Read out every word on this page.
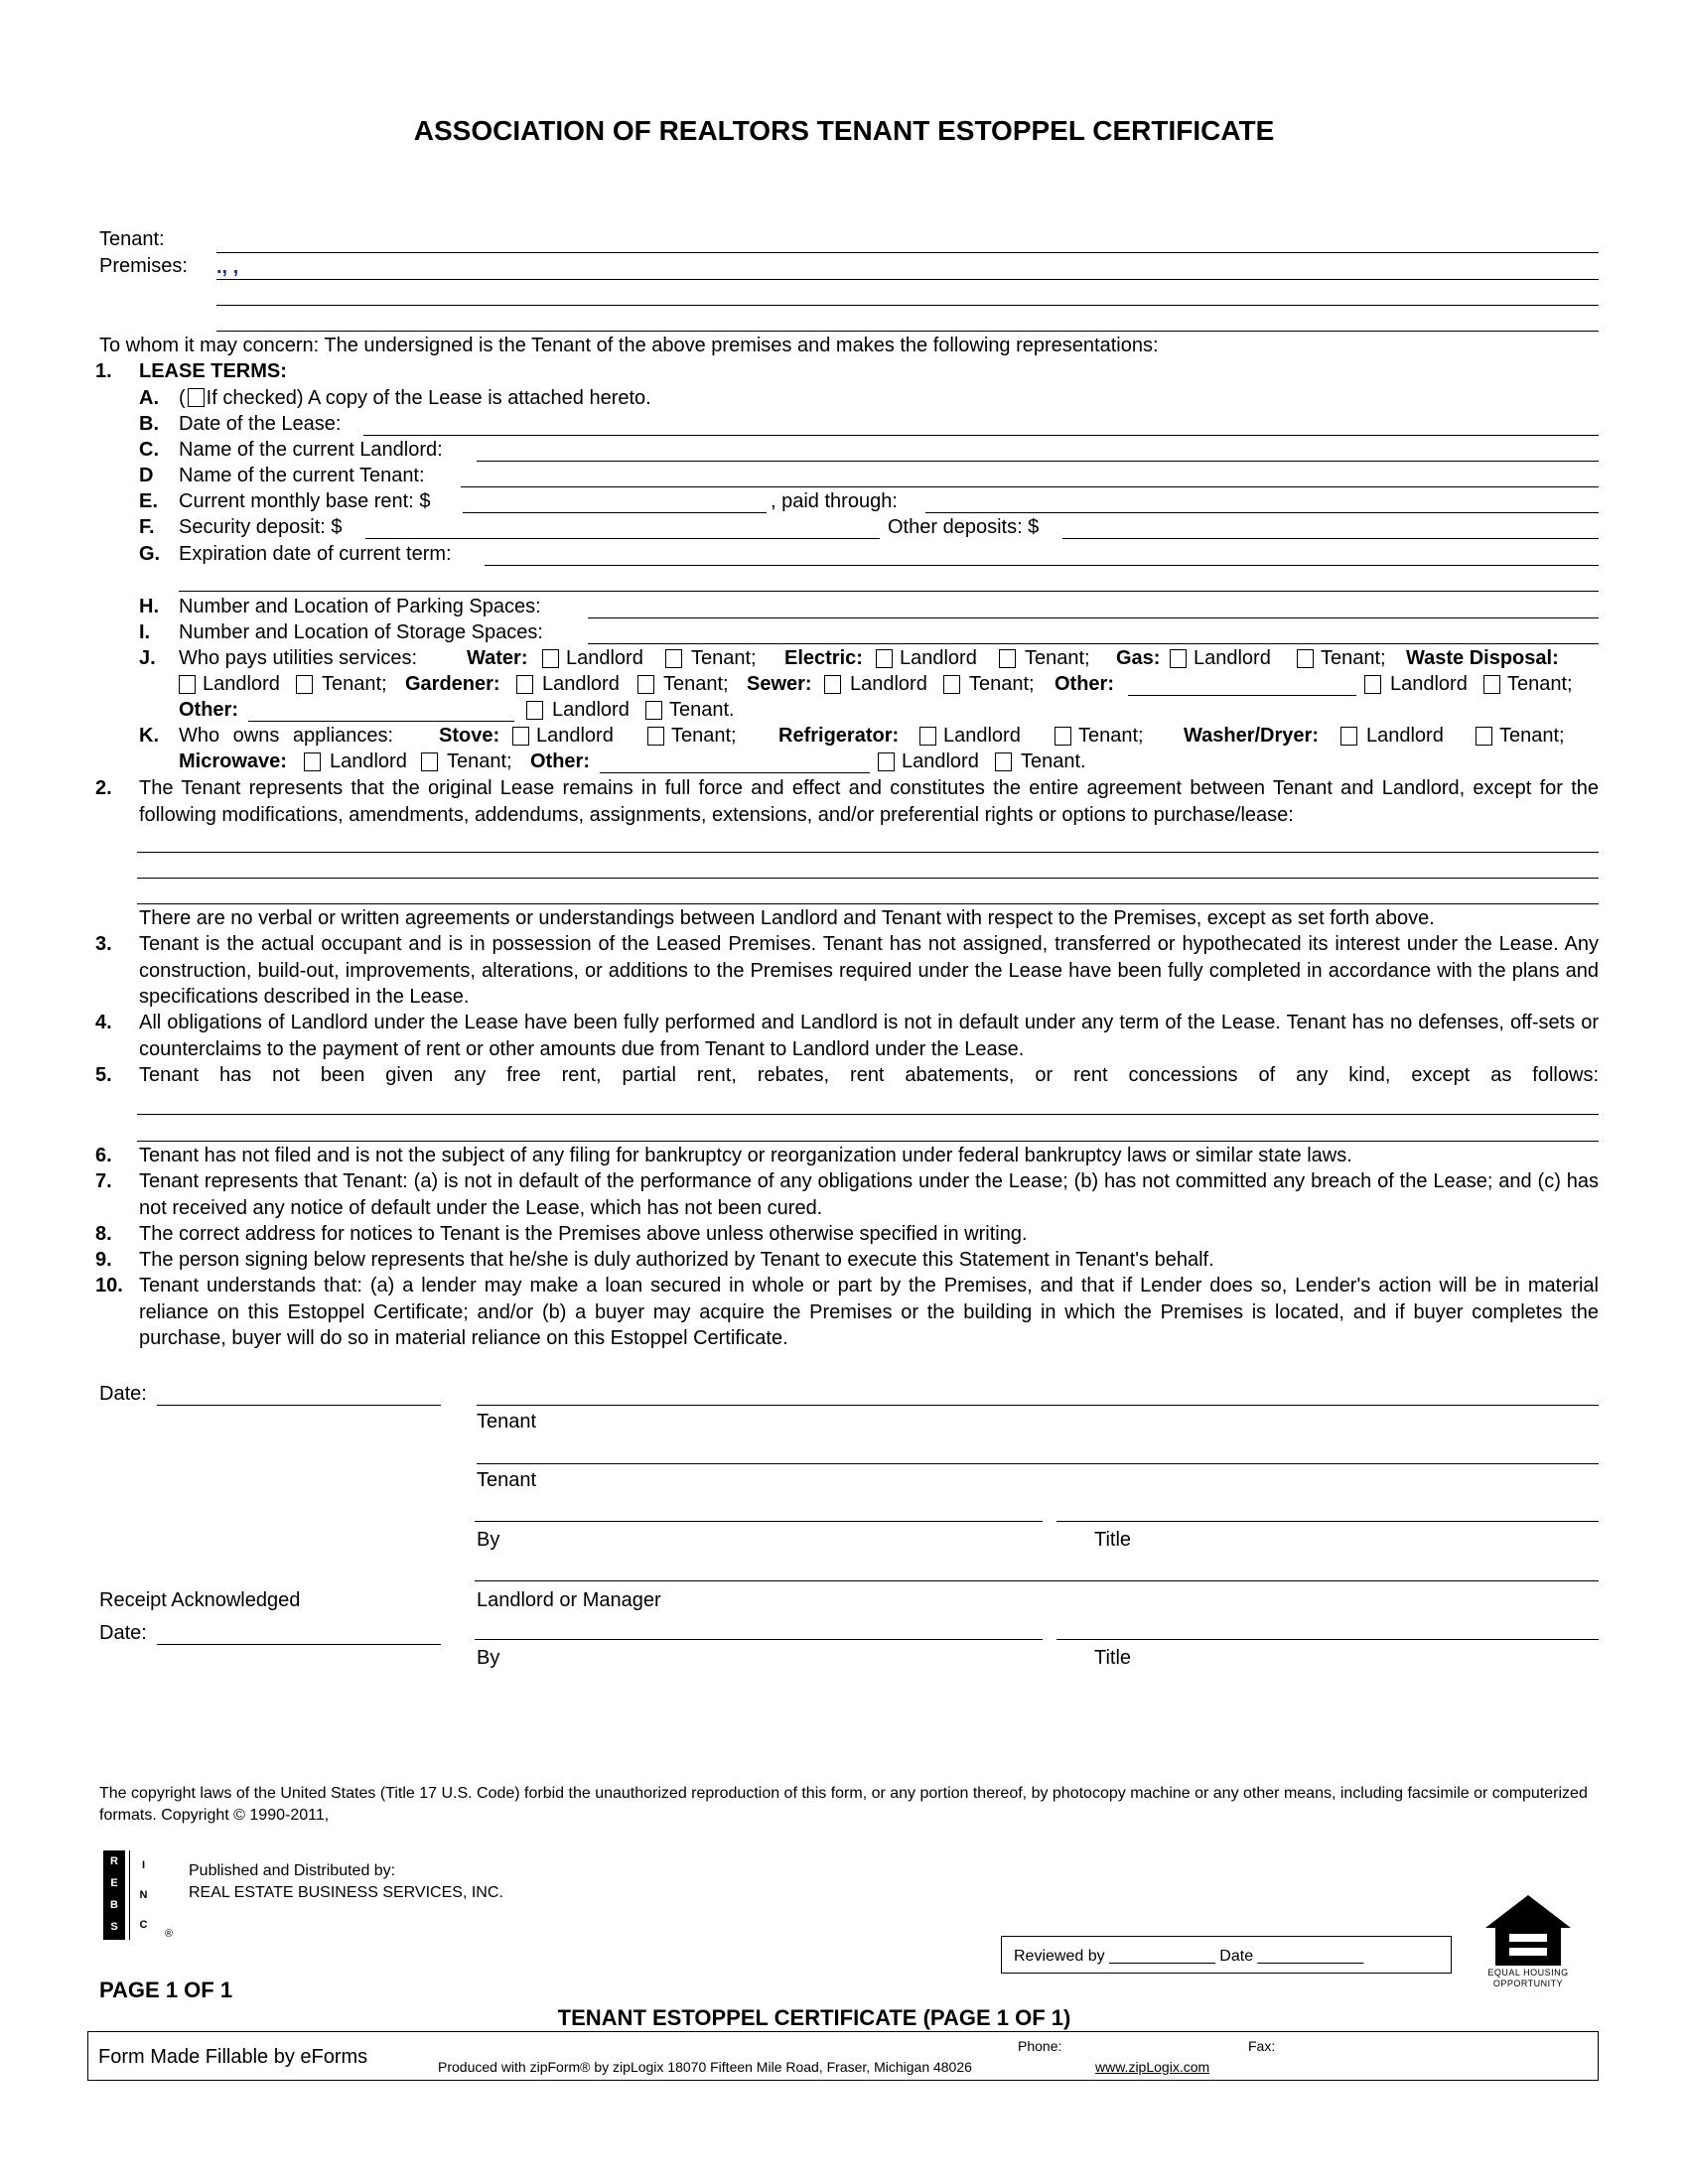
ASSOCIATION OF REALTORS TENANT ESTOPPEL CERTIFICATE
Tenant:
Premises: ., ,
To whom it may concern: The undersigned is the Tenant of the above premises and makes the following representations:
1.	LEASE TERMS:
A. ( If checked) A copy of the Lease is attached hereto.
B. Date of the Lease:
C. Name of the current Landlord:
D Name of the current Tenant:
E. Current monthly base rent: $	, paid through:
F. Security deposit: $	Other deposits: $
G. Expiration date of current term:
H. Number and Location of Parking Spaces:
I. Number and Location of Storage Spaces:
J. Who pays utilities services: Water: Landlord Tenant; Electric: Landlord Tenant; Gas: Landlord	Tenant; Waste Disposal:
Landlord Tenant; Gardener: Landlord Tenant; Sewer: Landlord Tenant; Other:	Landlord Tenant;
Other:	Landlord Tenant.
K. Who owns appliances: Stove: Landlord	Tenant; Refrigerator: Landlord	Tenant; Washer/Dryer: Landlord	Tenant;
Microwave: Landlord Tenant; Other:	Landlord Tenant.
2.	The Tenant represents that the original Lease remains in full force and effect and constitutes the entire agreement between Tenant and Landlord, except for the following modifications, amendments, addendums, assignments, extensions, and/or preferential rights or options to purchase/lease:
There are no verbal or written agreements or understandings between Landlord and Tenant with respect to the Premises, except as set forth above.
3.	Tenant is the actual occupant and is in possession of the Leased Premises. Tenant has not assigned, transferred or hypothecated its interest under the Lease. Any construction, build-out, improvements, alterations, or additions to the Premises required under the Lease have been fully completed in accordance with the plans and specifications described in the Lease.
4.	All obligations of Landlord under the Lease have been fully performed and Landlord is not in default under any term of the Lease. Tenant has no defenses, off-sets or counterclaims to the payment of rent or other amounts due from Tenant to Landlord under the Lease.
5.	Tenant has not been given any free rent, partial rent, rebates, rent abatements, or rent concessions of any kind, except as follows:
6.	Tenant has not filed and is not the subject of any filing for bankruptcy or reorganization under federal bankruptcy laws or similar state laws.
7.	Tenant represents that Tenant: (a) is not in default of the performance of any obligations under the Lease; (b) has not committed any breach of the Lease; and (c) has not received any notice of default under the Lease, which has not been cured.
8.	The correct address for notices to Tenant is the Premises above unless otherwise specified in writing.
9.	The person signing below represents that he/she is duly authorized by Tenant to execute this Statement in Tenant's behalf.
10. Tenant understands that: (a) a lender may make a loan secured in whole or part by the Premises, and that if Lender does so, Lender's action will be in material reliance on this Estoppel Certificate; and/or (b) a buyer may acquire the Premises or the building in which the Premises is located, and if buyer completes the purchase, buyer will do so in material reliance on this Estoppel Certificate.
Date:
Tenant
Tenant
By	Title
Receipt Acknowledged	Landlord or Manager
Date:
By	Title
The copyright laws of the United States (Title 17 U.S. Code) forbid the unauthorized reproduction of this form, or any portion thereof, by photocopy machine or any other means, including facsimile or computerized formats. Copyright © 1990-2011,
R
E
B
S
I
N
C
®
Published and Distributed by:
REAL ESTATE BUSINESS SERVICES, INC.
Reviewed by ____________ Date ____________
EQUAL HOUSING OPPORTUNITY
PAGE 1 OF 1
TENANT ESTOPPEL CERTIFICATE (PAGE 1 OF 1)
Form Made Fillable by eForms	Phone:	Fax:
Produced with zipForm® by zipLogix 18070 Fifteen Mile Road, Fraser, Michigan 48026	www.zipLogix.com
